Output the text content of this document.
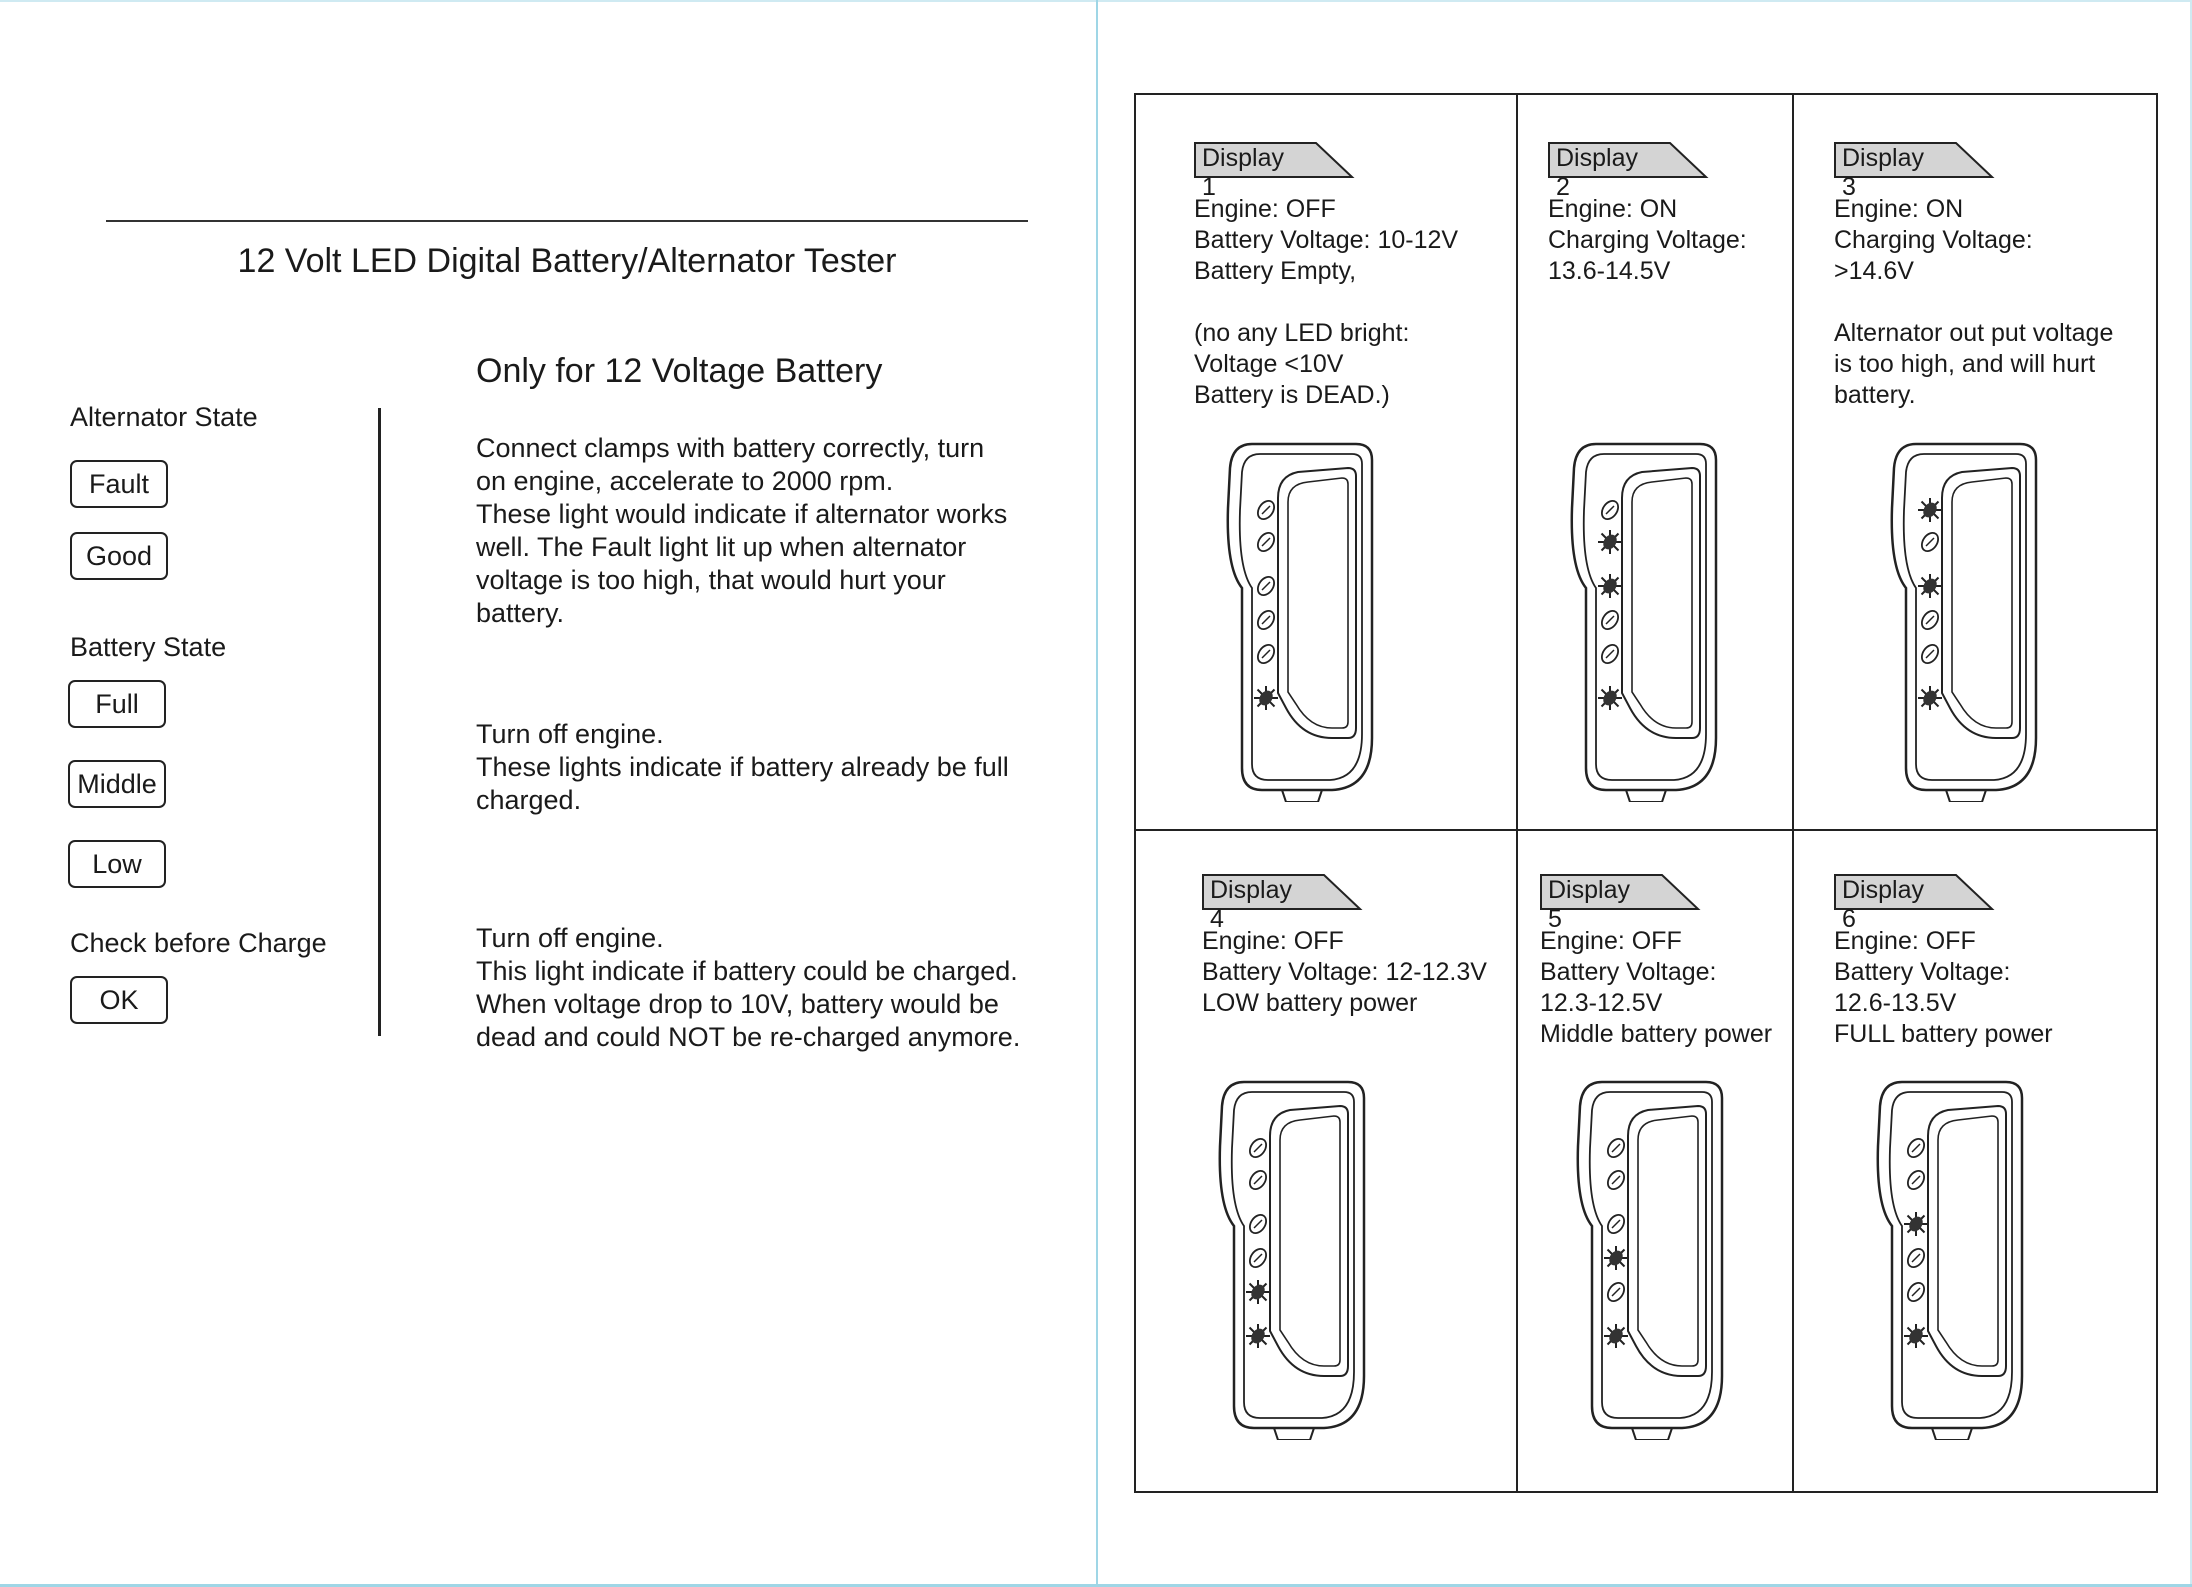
12 Volt LED Digital Battery/Alternator Tester
Only for 12 Voltage Battery
Alternator State
Fault
Good
Battery State
Full
Middle
Low
Check before Charge
OK
Connect clamps with battery correctly, turn
on engine, accelerate to 2000 rpm.
These light would indicate if alternator works
well. The Fault light lit up when alternator
voltage is too high, that would hurt your
battery.
Turn off engine.
These lights indicate if battery already be full
charged.
Turn off engine.
This light indicate if battery could be charged.
When voltage drop to 10V, battery would be
dead and could NOT be re-charged anymore.
Display 1
Engine: OFF
Battery Voltage: 10-12V
Battery Empty,

(no any LED bright:
Voltage <10V
Battery is DEAD.)
Display 2
Engine: ON
Charging Voltage:
13.6-14.5V
Display 3
Engine: ON
Charging Voltage:
>14.6V

Alternator out put voltage
is too high, and will hurt
battery.
Display 4
Engine: OFF
Battery Voltage: 12-12.3V
LOW battery power
Display 5
Engine: OFF
Battery Voltage:
12.3-12.5V
Middle battery power
Display 6
Engine: OFF
Battery Voltage:
12.6-13.5V
FULL battery power
